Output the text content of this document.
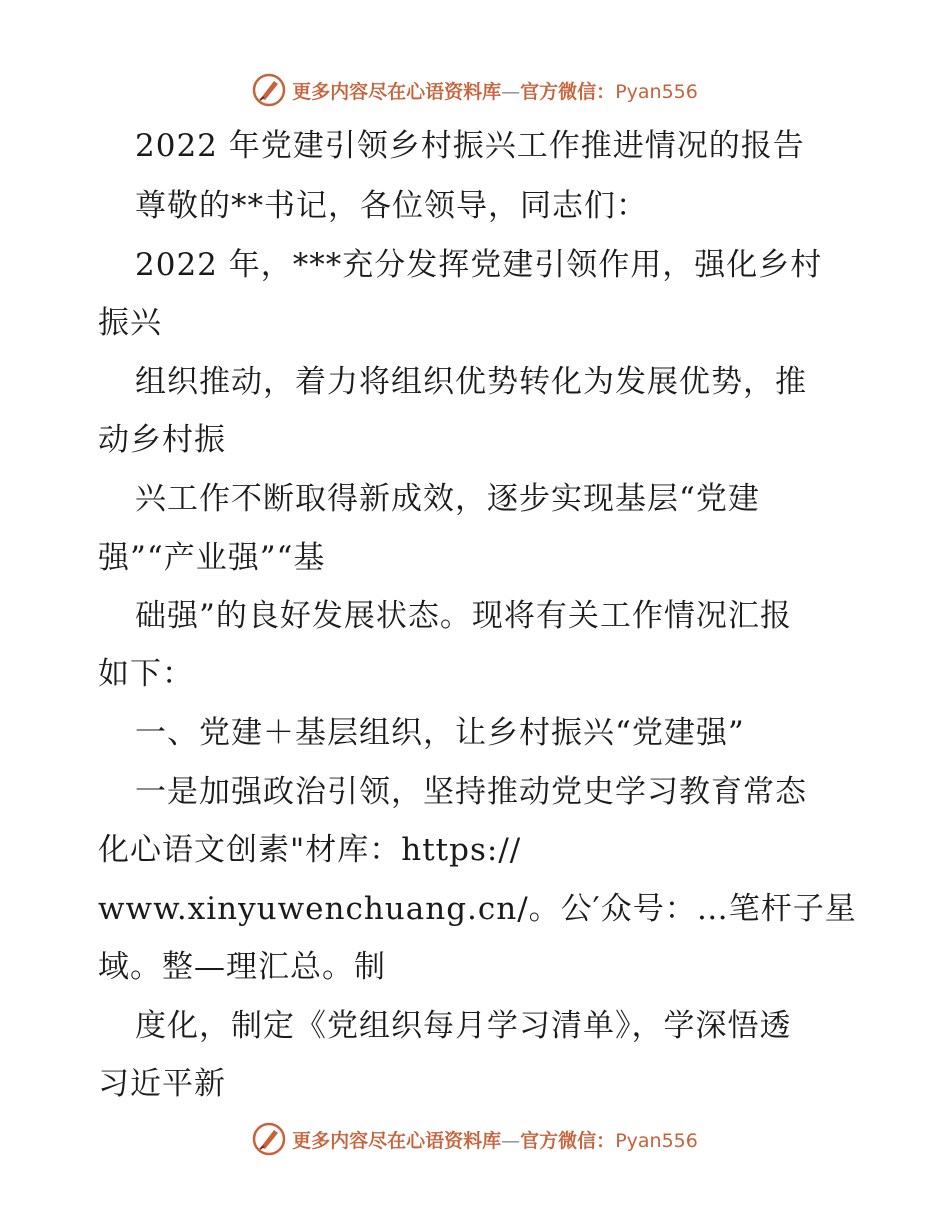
更多内容尽在心语资料库—官方微信：Pyan556
2022 年党建引领乡村振兴工作推进情况的报告
尊敬的**书记，各位领导，同志们：
2022 年，***充分发挥党建引领作用，强化乡村
振兴
组织推动，着力将组织优势转化为发展优势，推
动乡村振
兴工作不断取得新成效，逐步实现基层“党建
强”“产业强”“基
础强”的良好发展状态。现将有关工作情况汇报
如下：
一、党建＋基层组织，让乡村振兴“党建强”
一是加强政治引领，坚持推动党史学习教育常态
化心语文创素"材库：https://
www.xinyuwenchuang.cn/。公′众号：…笔杆子星
域。整—理汇总。制
度化，制定《党组织每月学习清单》，学深悟透
习近平新
更多内容尽在心语资料库—官方微信：Pyan556
